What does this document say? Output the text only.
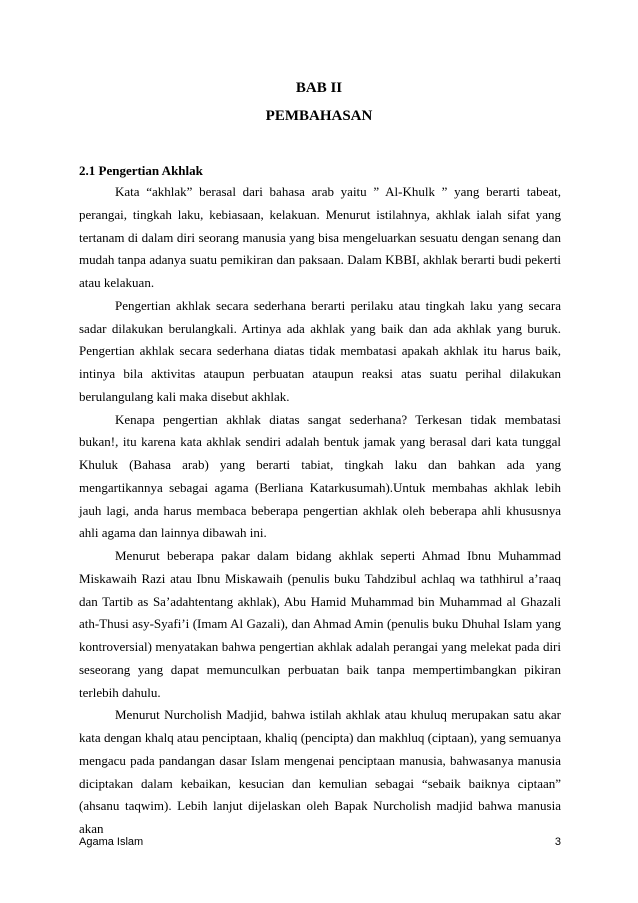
BAB II
PEMBAHASAN
2.1 Pengertian Akhlak

Kata “akhlak” berasal dari bahasa arab yaitu ” Al-Khulk ” yang berarti tabeat, perangai, tingkah laku, kebiasaan, kelakuan. Menurut istilahnya, akhlak ialah sifat yang tertanam di dalam diri seorang manusia yang bisa mengeluarkan sesuatu dengan senang dan mudah tanpa adanya suatu pemikiran dan paksaan. Dalam KBBI, akhlak berarti budi pekerti atau kelakuan.

Pengertian akhlak secara sederhana berarti perilaku atau tingkah laku yang secara sadar dilakukan berulangkali. Artinya ada akhlak yang baik dan ada akhlak yang buruk. Pengertian akhlak secara sederhana diatas tidak membatasi apakah akhlak itu harus baik, intinya bila aktivitas ataupun perbuatan ataupun reaksi atas suatu perihal dilakukan berulangulang kali maka disebut akhlak.

Kenapa pengertian akhlak diatas sangat sederhana? Terkesan tidak membatasi bukan!, itu karena kata akhlak sendiri adalah bentuk jamak yang berasal dari kata tunggal Khuluk (Bahasa arab) yang berarti tabiat, tingkah laku dan bahkan ada yang mengartikannya sebagai agama (Berliana Katarkusumah).Untuk membahas akhlak lebih jauh lagi, anda harus membaca beberapa pengertian akhlak oleh beberapa ahli khususnya ahli agama dan lainnya dibawah ini.

Menurut beberapa pakar dalam bidang akhlak seperti Ahmad Ibnu Muhammad Miskawaih Razi atau Ibnu Miskawaih (penulis buku Tahdzibul achlaq wa tathhirul a’raaq dan Tartib as Sa’adahtentang akhlak), Abu Hamid Muhammad bin Muhammad al Ghazali ath-Thusi asy-Syafi’i (Imam Al Gazali), dan Ahmad Amin (penulis buku Dhuhal Islam yang kontroversial) menyatakan bahwa pengertian akhlak adalah perangai yang melekat pada diri seseorang yang dapat memunculkan perbuatan baik tanpa mempertimbangkan pikiran terlebih dahulu.

Menurut Nurcholish Madjid, bahwa istilah akhlak atau khuluq merupakan satu akar kata dengan khalq atau penciptaan, khaliq (pencipta) dan makhluq (ciptaan), yang semuanya mengacu pada pandangan dasar Islam mengenai penciptaan manusia, bahwasanya manusia diciptakan dalam kebaikan, kesucian dan kemulian sebagai “sebaik baiknya ciptaan” (ahsanu taqwim). Lebih lanjut dijelaskan oleh Bapak Nurcholish madjid bahwa manusia akan

Agama Islam	3
